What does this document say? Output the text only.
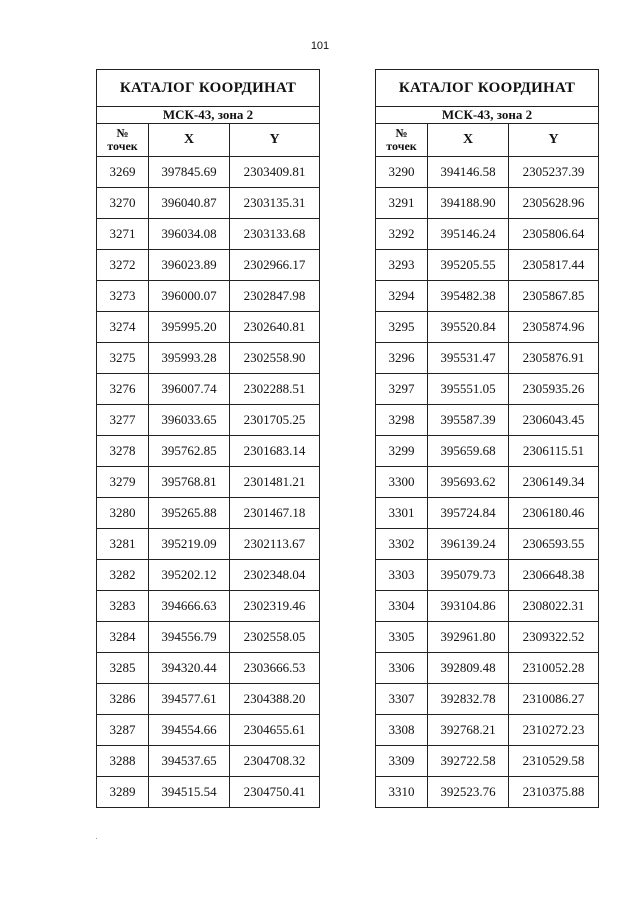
101
КАТАЛОГ КООРДИНАТ		
МСК-43, зона 2		

№
точек	X	Y
3269	397845.69	2303409.81
3270	396040.87	2303135.31
3271	396034.08	2303133.68
3272	396023.89	2302966.17
3273	396000.07	2302847.98
3274	395995.20	2302640.81
3275	395993.28	2302558.90
3276	396007.74	2302288.51
3277	396033.65	2301705.25
3278	395762.85	2301683.14
3279	395768.81	2301481.21
3280	395265.88	2301467.18
3281	395219.09	2302113.67
3282	395202.12	2302348.04
3283	394666.63	2302319.46
3284	394556.79	2302558.05
3285	394320.44	2303666.53
3286	394577.61	2304388.20
3287	394554.66	2304655.61
3288	394537.65	2304708.32
3289	394515.54	2304750.41
КАТАЛОГ КООРДИНАТ		
МСК-43, зона 2		

№
точек	X	Y
3290	394146.58	2305237.39
3291	394188.90	2305628.96
3292	395146.24	2305806.64
3293	395205.55	2305817.44
3294	395482.38	2305867.85
3295	395520.84	2305874.96
3296	395531.47	2305876.91
3297	395551.05	2305935.26
3298	395587.39	2306043.45
3299	395659.68	2306115.51
3300	395693.62	2306149.34
3301	395724.84	2306180.46
3302	396139.24	2306593.55
3303	395079.73	2306648.38
3304	393104.86	2308022.31
3305	392961.80	2309322.52
3306	392809.48	2310052.28
3307	392832.78	2310086.27
3308	392768.21	2310272.23
3309	392722.58	2310529.58
3310	392523.76	2310375.88
